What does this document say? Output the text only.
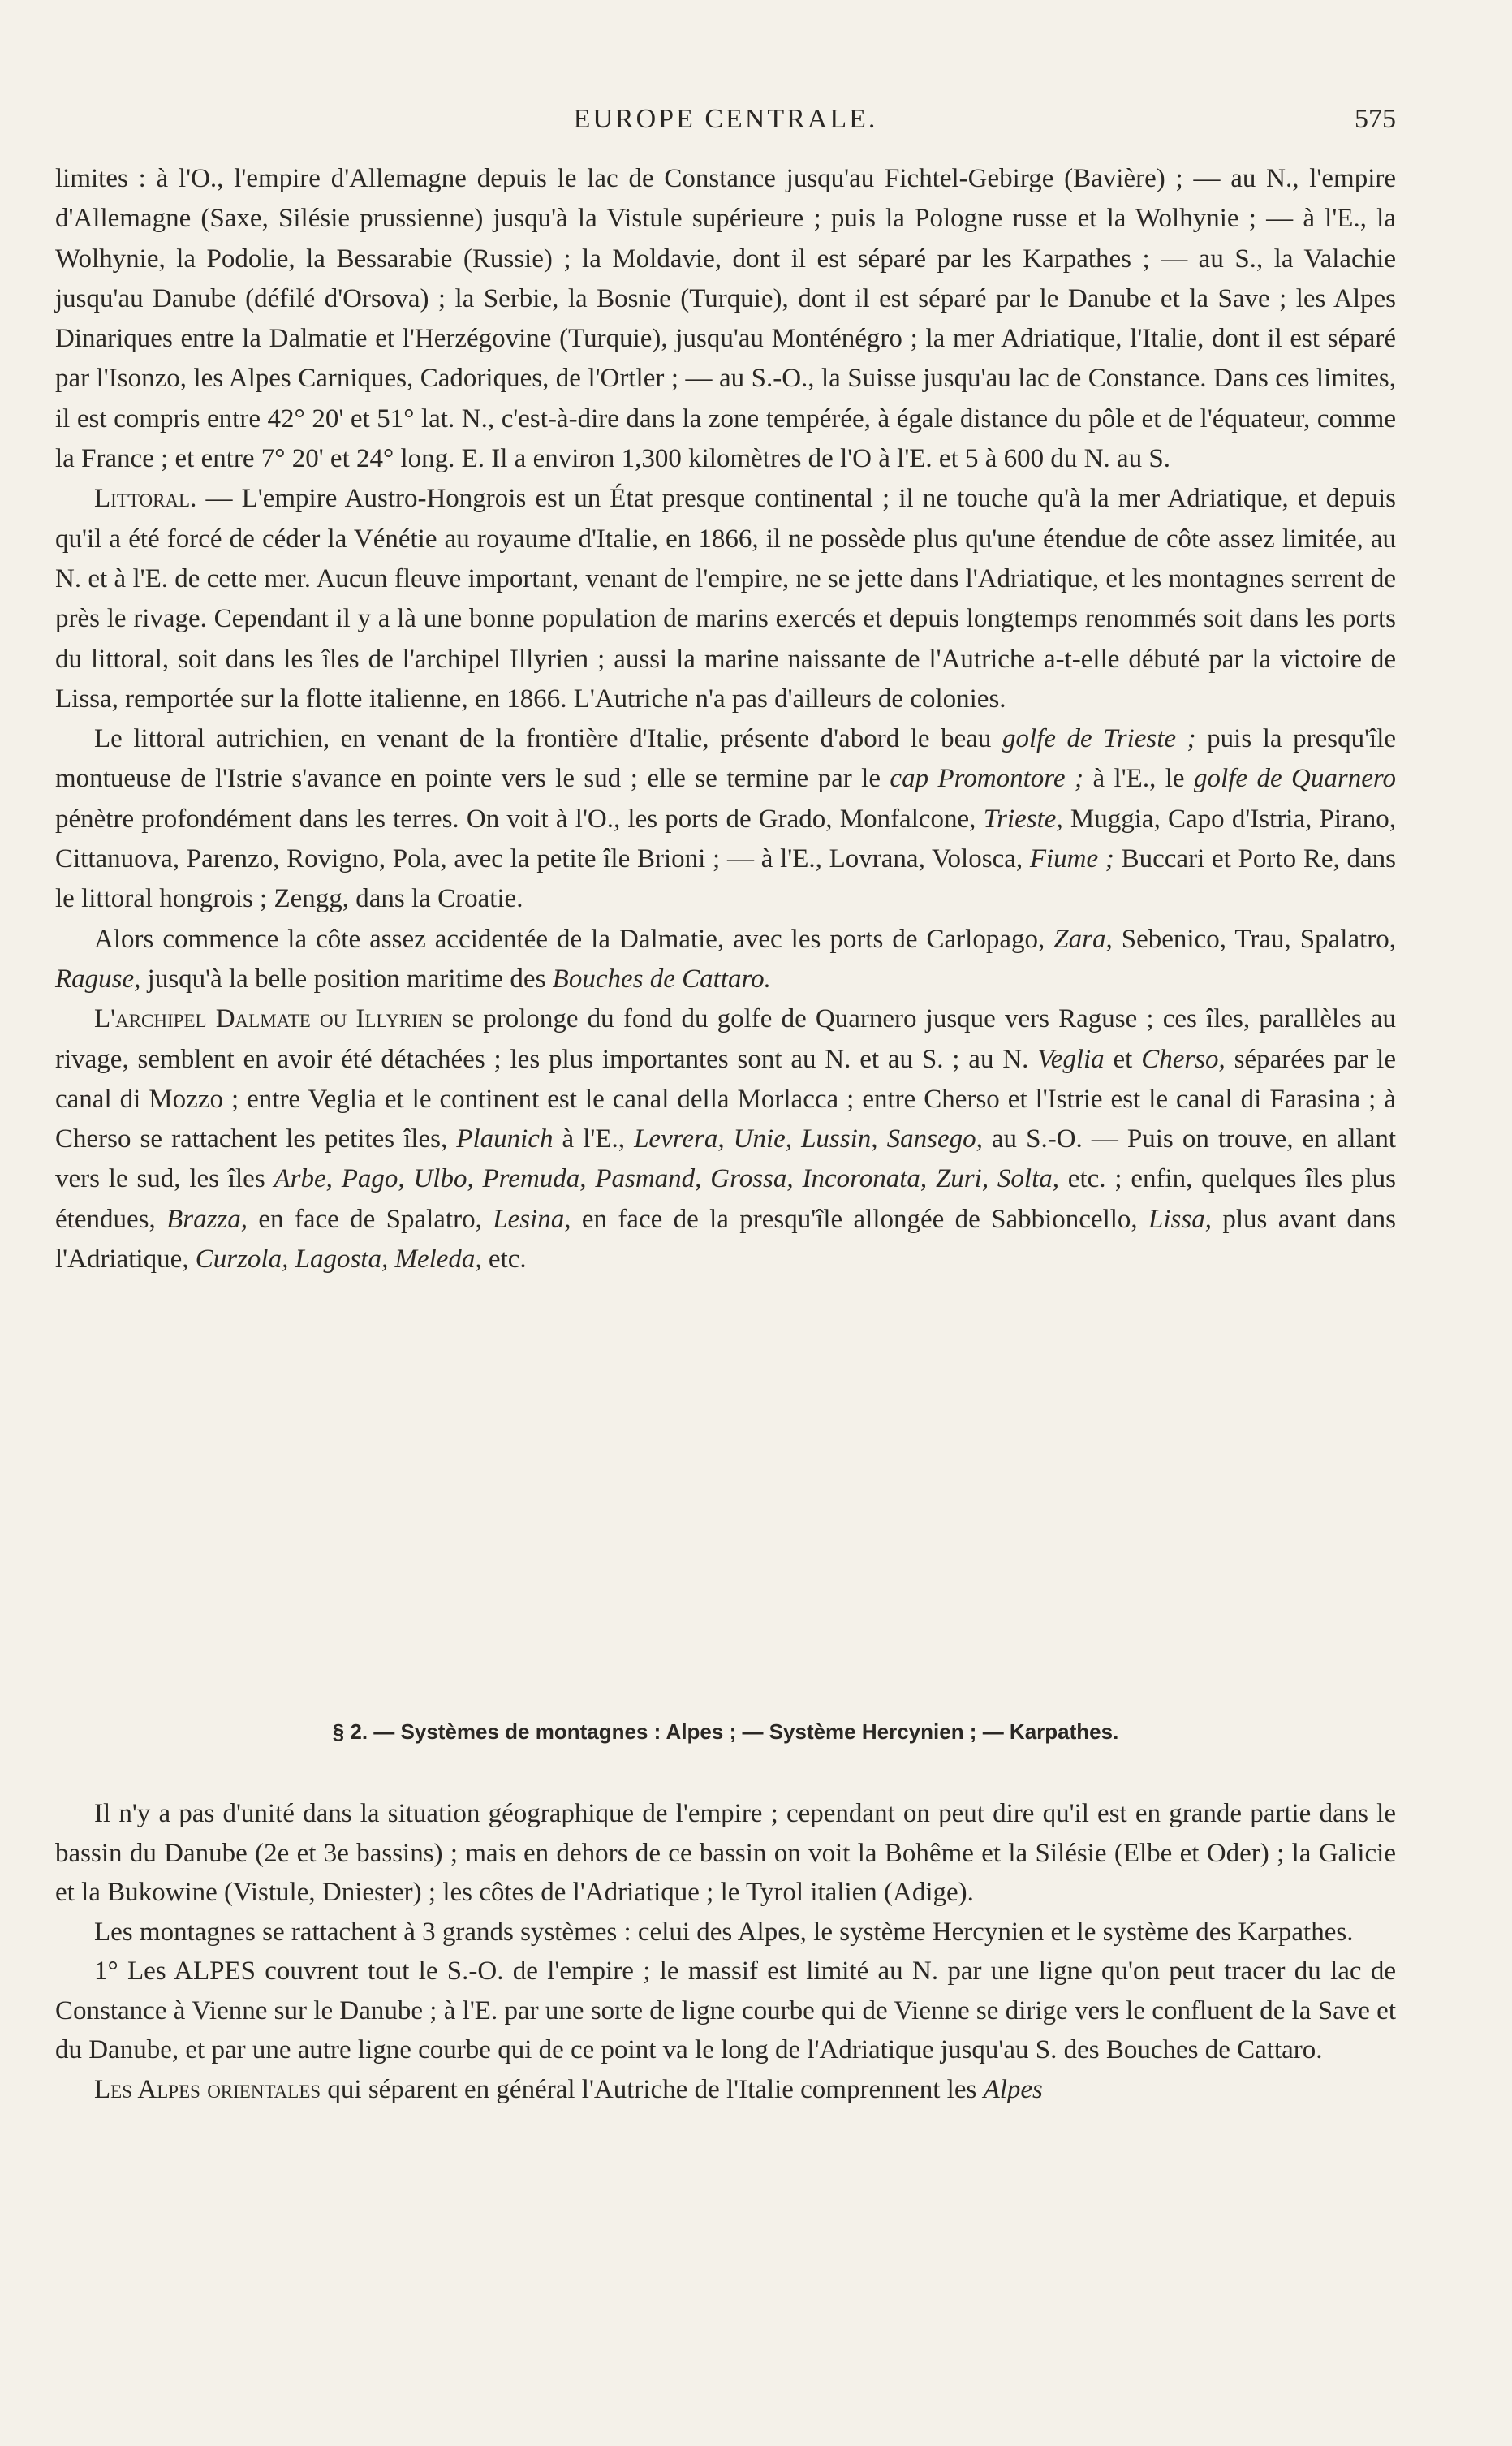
EUROPE CENTRALE.	575

limites : à l'O., l'empire d'Allemagne depuis le lac de Constance jusqu'au Fichtel-Gebirge (Bavière) ; — au N., l'empire d'Allemagne (Saxe, Silésie prussienne) jusqu'à la Vistule supérieure ; puis la Pologne russe et la Wolhynie ; — à l'E., la Wolhynie, la Podolie, la Bessarabie (Russie) ; la Moldavie, dont il est séparé par les Karpathes ; — au S., la Valachie jusqu'au Danube (défilé d'Orsova) ; la Serbie, la Bosnie (Turquie), dont il est séparé par le Danube et la Save ; les Alpes Dinariques entre la Dalmatie et l'Herzégovine (Turquie), jusqu'au Monténégro ; la mer Adriatique, l'Italie, dont il est séparé par l'Isonzo, les Alpes Carniques, Cadoriques, de l'Ortler ; — au S.-O., la Suisse jusqu'au lac de Constance. Dans ces limites, il est compris entre 42° 20' et 51° lat. N., c'est-à-dire dans la zone tempérée, à égale distance du pôle et de l'équateur, comme la France ; et entre 7° 20' et 24° long. E. Il a environ 1,300 kilomètres de l'O à l'E. et 5 à 600 du N. au S.

Littoral. — L'empire Austro-Hongrois est un État presque continental ; il ne touche qu'à la mer Adriatique, et depuis qu'il a été forcé de céder la Vénétie au royaume d'Italie, en 1866, il ne possède plus qu'une étendue de côte assez limitée, au N. et à l'E. de cette mer. Aucun fleuve important, venant de l'empire, ne se jette dans l'Adriatique, et les montagnes serrent de près le rivage. Cependant il y a là une bonne population de marins exercés et depuis longtemps renommés soit dans les ports du littoral, soit dans les îles de l'archipel Illyrien ; aussi la marine naissante de l'Autriche a-t-elle débuté par la victoire de Lissa, remportée sur la flotte italienne, en 1866. L'Autriche n'a pas d'ailleurs de colonies.

Le littoral autrichien, en venant de la frontière d'Italie, présente d'abord le beau golfe de Trieste ; puis la presqu'île montueuse de l'Istrie s'avance en pointe vers le sud ; elle se termine par le cap Promontore ; à l'E., le golfe de Quarnero pénètre profondément dans les terres. On voit à l'O., les ports de Grado, Monfalcone, Trieste, Muggia, Capo d'Istria, Pirano, Cittanuova, Parenzo, Rovigno, Pola, avec la petite île Brioni ; — à l'E., Lovrana, Volosca, Fiume ; Buccari et Porto Re, dans le littoral hongrois ; Zengg, dans la Croatie.

Alors commence la côte assez accidentée de la Dalmatie, avec les ports de Carlopago, Zara, Sebenico, Trau, Spalatro, Raguse, jusqu'à la belle position maritime des Bouches de Cattaro.

L'archipel Dalmate ou Illyrien se prolonge du fond du golfe de Quarnero jusque vers Raguse ; ces îles, parallèles au rivage, semblent en avoir été détachées ; les plus importantes sont au N. et au S. ; au N. Veglia et Cherso, séparées par le canal di Mozzo ; entre Veglia et le continent est le canal della Morlacca ; entre Cherso et l'Istrie est le canal di Farasina ; à Cherso se rattachent les petites îles, Plaunich à l'E., Levrera, Unie, Lussin, Sansego, au S.-O. — Puis on trouve, en allant vers le sud, les îles Arbe, Pago, Ulbo, Premuda, Pasmand, Grossa, Incoronata, Zuri, Solta, etc. ; enfin, quelques îles plus étendues, Brazza, en face de Spalatro, Lesina, en face de la presqu'île allongée de Sabbioncello, Lissa, plus avant dans l'Adriatique, Curzola, Lagosta, Meleda, etc.

§ 2. — Systèmes de montagnes : Alpes ; — Système Hercynien ; — Karpathes.

Il n'y a pas d'unité dans la situation géographique de l'empire ; cependant on peut dire qu'il est en grande partie dans le bassin du Danube (2e et 3e bassins) ; mais en dehors de ce bassin on voit la Bohême et la Silésie (Elbe et Oder) ; la Galicie et la Bukowine (Vistule, Dniester) ; les côtes de l'Adriatique ; le Tyrol italien (Adige).

Les montagnes se rattachent à 3 grands systèmes : celui des Alpes, le système Hercynien et le système des Karpathes.

1° Les ALPES couvrent tout le S.-O. de l'empire ; le massif est limité au N. par une ligne qu'on peut tracer du lac de Constance à Vienne sur le Danube ; à l'E. par une sorte de ligne courbe qui de Vienne se dirige vers le confluent de la Save et du Danube, et par une autre ligne courbe qui de ce point va le long de l'Adriatique jusqu'au S. des Bouches de Cattaro.

Les Alpes orientales qui séparent en général l'Autriche de l'Italie comprennent les Alpes
